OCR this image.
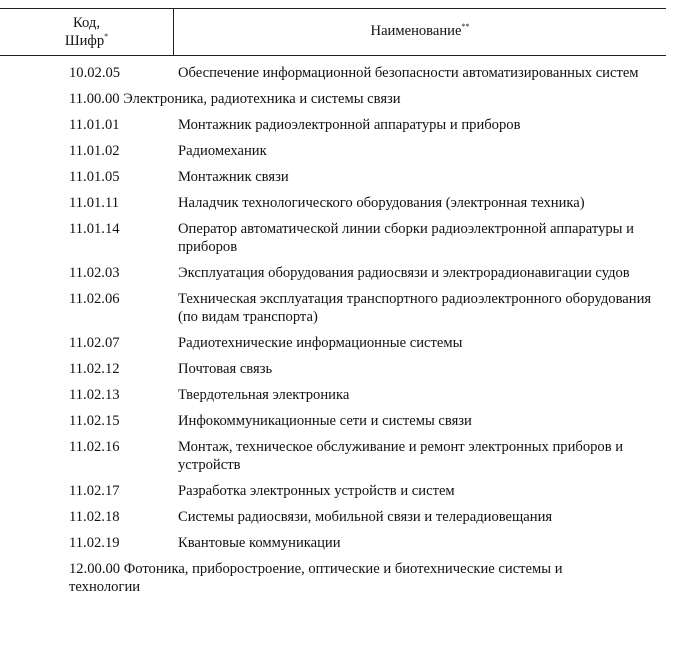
Код,
Шифр*	Наименование**
10.02.05	Обеспечение информационной безопасности автоматизированных систем
11.00.00 Электроника, радиотехника и системы связи
11.01.01	Монтажник радиоэлектронной аппаратуры и приборов
11.01.02	Радиомеханик
11.01.05	Монтажник связи
11.01.11	Наладчик технологического оборудования (электронная техника)
11.01.14	Оператор автоматической линии сборки радиоэлектронной аппаратуры и приборов
11.02.03	Эксплуатация оборудования радиосвязи и электрорадионавигации судов
11.02.06	Техническая эксплуатация транспортного радиоэлектронного оборудования (по видам транспорта)
11.02.07	Радиотехнические информационные системы
11.02.12	Почтовая связь
11.02.13	Твердотельная электроника
11.02.15	Инфокоммуникационные сети и системы связи
11.02.16	Монтаж, техническое обслуживание и ремонт электронных приборов и устройств
11.02.17	Разработка электронных устройств и систем
11.02.18	Системы радиосвязи, мобильной связи и телерадиовещания
11.02.19	Квантовые коммуникации
12.00.00 Фотоника, приборостроение, оптические и биотехнические системы и технологии
